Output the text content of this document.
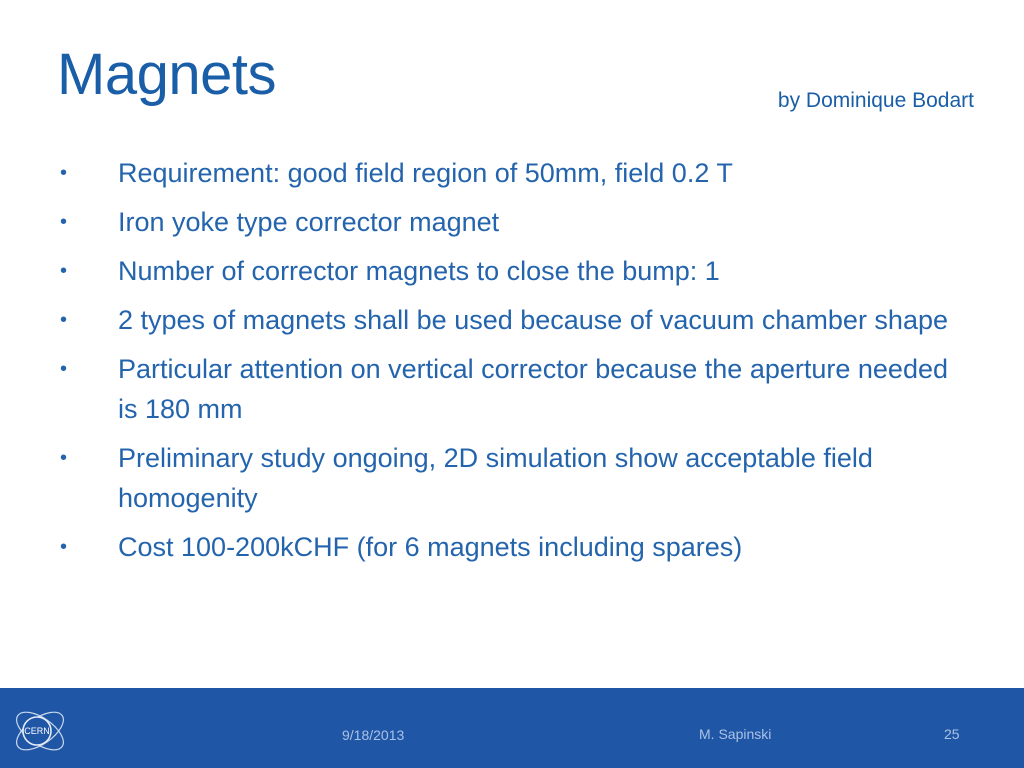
Magnets	by Dominique Bodart
•	Requirement: good field region of 50mm, field 0.2 T
•	Iron yoke type corrector magnet
•	Number of corrector magnets to close the bump: 1
•	2 types of magnets shall be used because of vacuum chamber shape
•	Particular attention on vertical corrector because the aperture needed is 180 mm
•	Preliminary study ongoing, 2D simulation show acceptable field homogenity
•	Cost 100-200kCHF (for 6 magnets including spares)
CERN	9/18/2013	M. Sapinski	25
